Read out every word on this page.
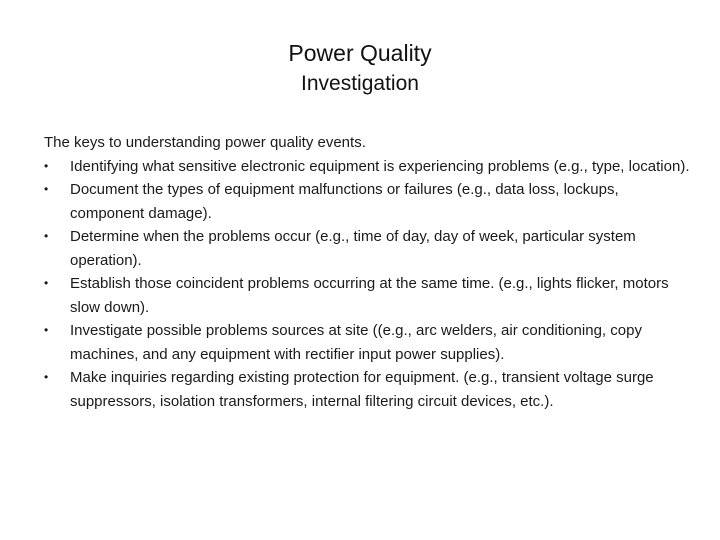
Power Quality
Investigation
The keys to understanding power quality events.
•	Identifying what sensitive electronic equipment is experiencing problems (e.g., type, location).
•	Document the types of equipment malfunctions or failures (e.g., data loss, lockups, component damage).
•	Determine when the problems occur (e.g., time of day, day of week, particular system operation).
•	Establish those coincident problems occurring at the same time. (e.g., lights flicker, motors slow down).
•	Investigate possible problems sources at site ((e.g., arc welders, air conditioning, copy machines, and any equipment with rectifier input power supplies).
•	Make inquiries regarding existing protection for equipment. (e.g., transient voltage surge suppressors, isolation transformers, internal filtering circuit devices, etc.).
